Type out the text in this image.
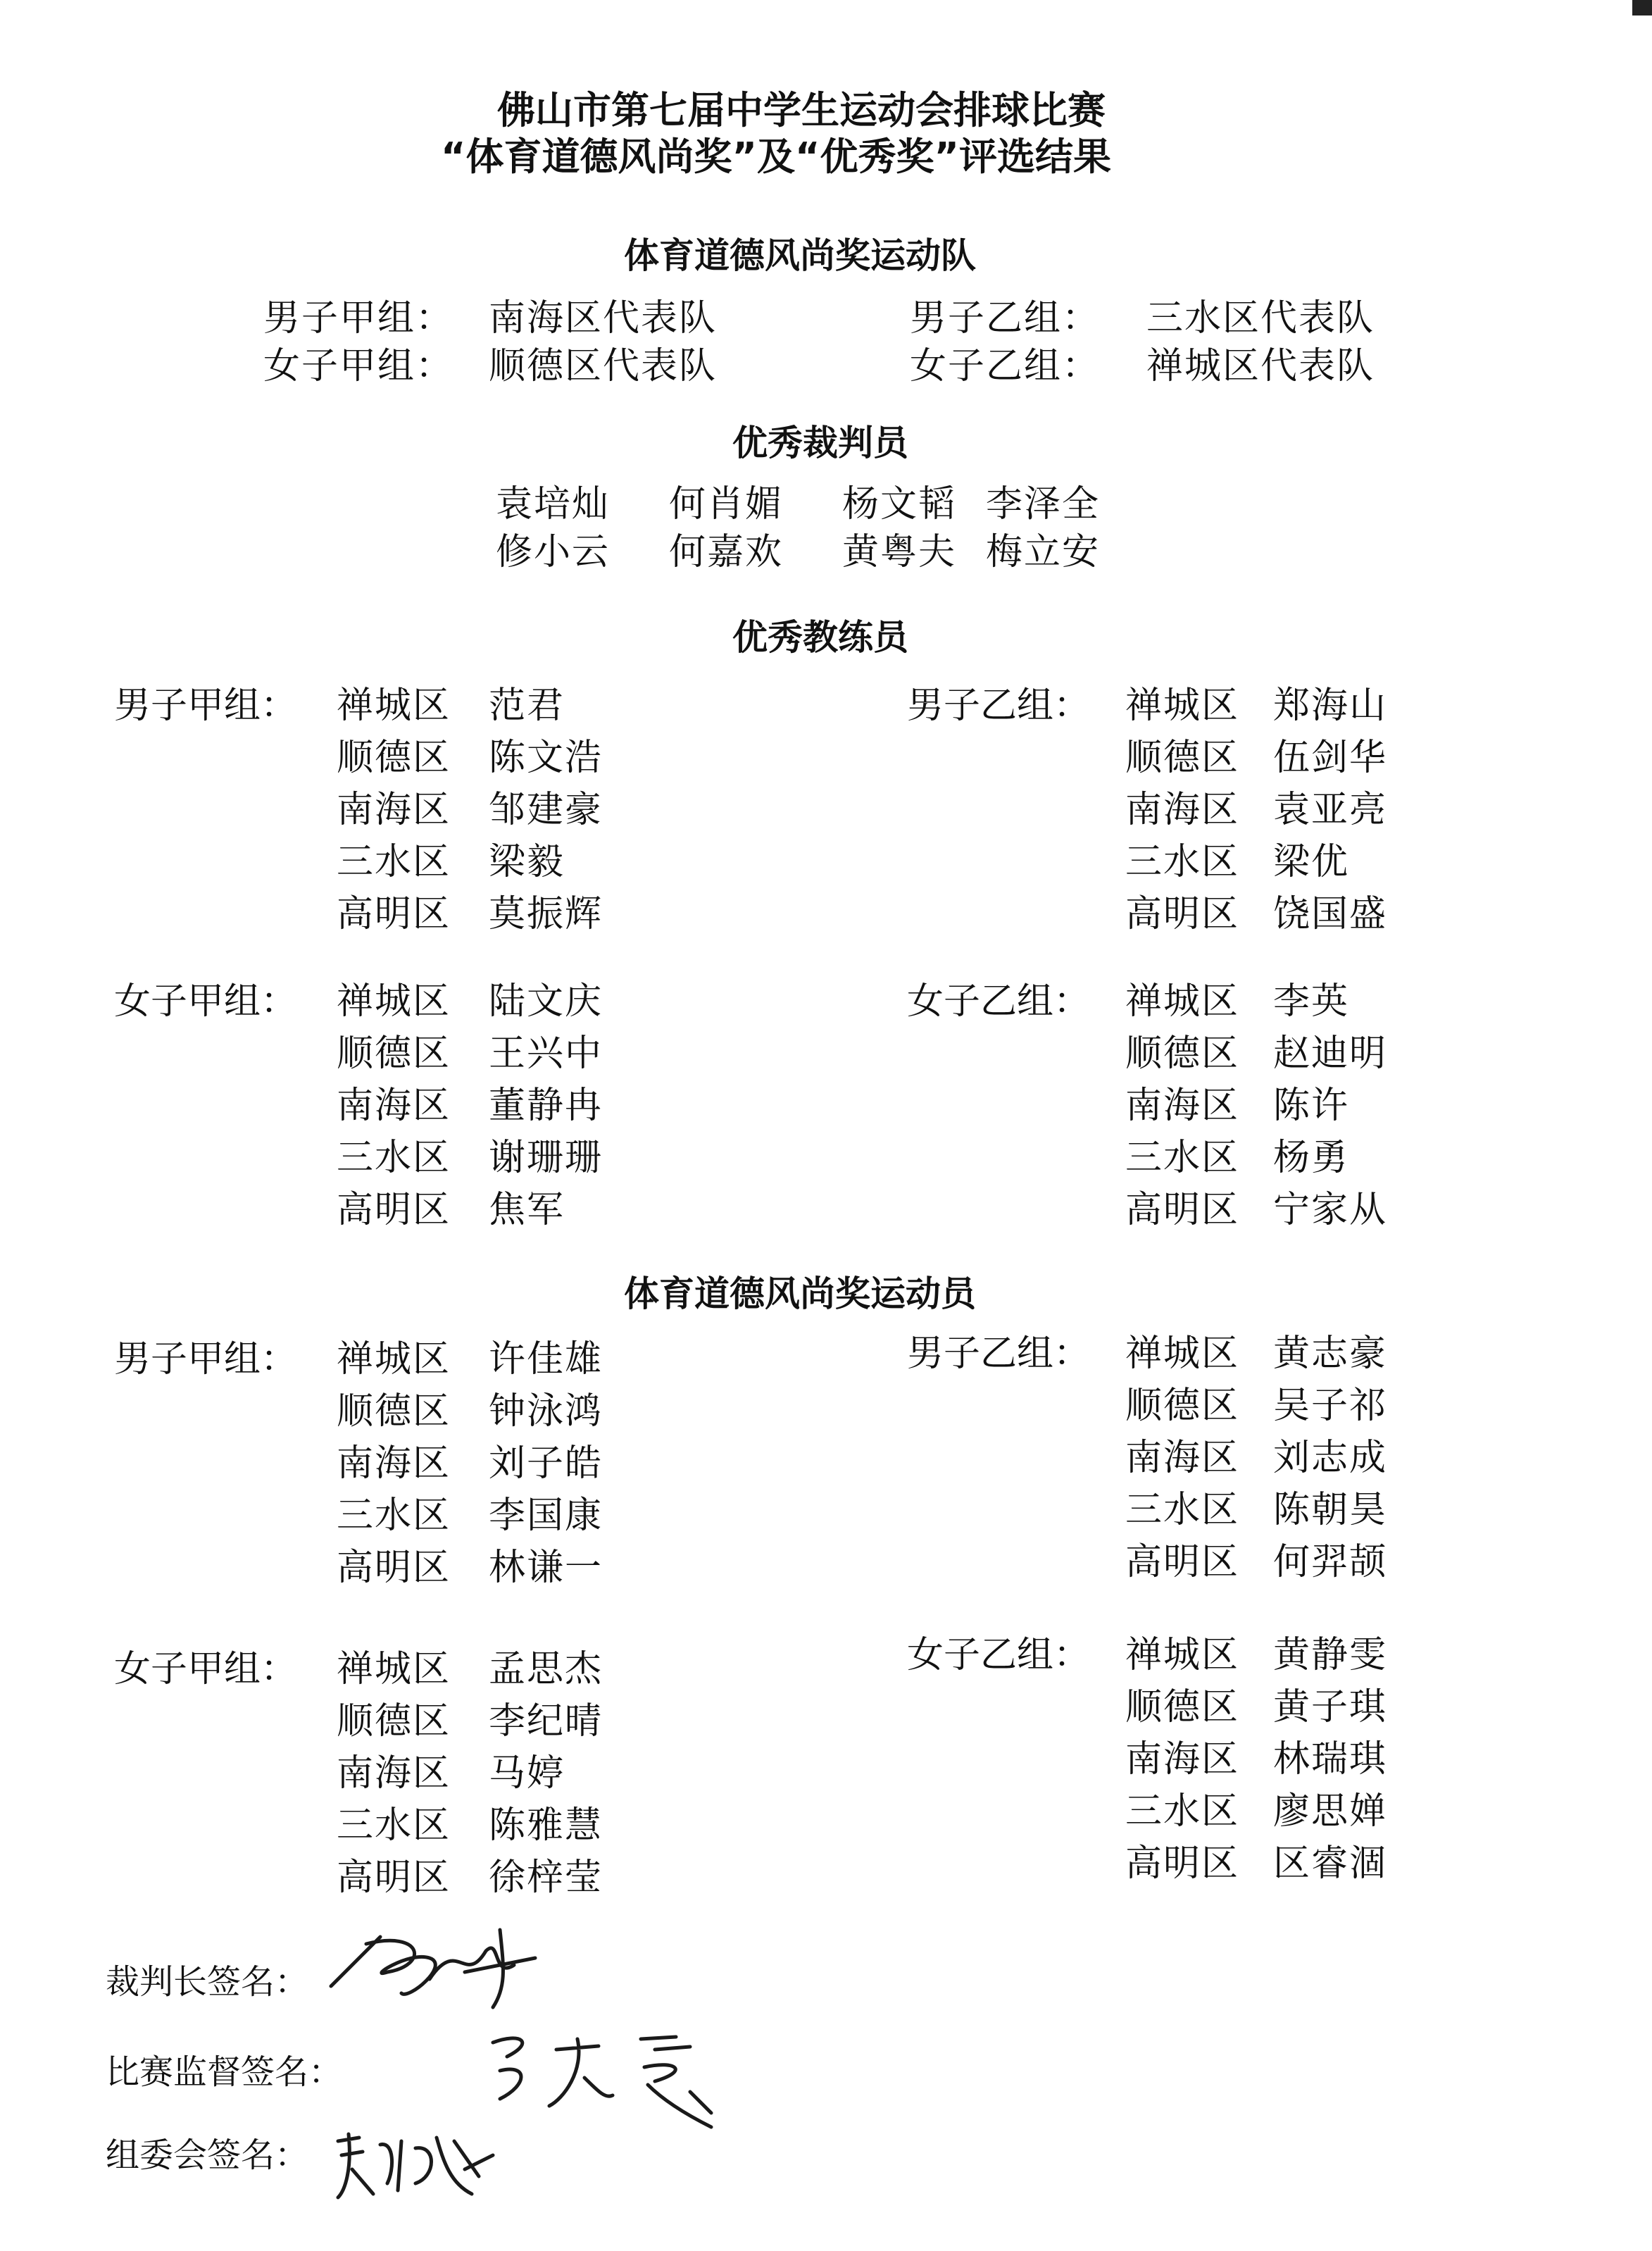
佛山市第七届中学生运动会排球比赛
“体育道德风尚奖”及“优秀奖”评选结果
体育道德风尚奖运动队
男子甲组： 南海区代表队	男子乙组： 三水区代表队
女子甲组： 顺德区代表队	女子乙组： 禅城区代表队
优秀裁判员
袁培灿 何肖媚 杨文韬 李泽全
修小云 何嘉欢 黄粤夫 梅立安
优秀教练员
男子甲组： 禅城区 范君
顺德区 陈文浩
南海区 邹建豪
三水区 梁毅
高明区 莫振辉
男子乙组： 禅城区 郑海山
顺德区 伍剑华
南海区 袁亚亮
三水区 梁优
高明区 饶国盛
女子甲组： 禅城区 陆文庆
顺德区 王兴中
南海区 董静冉
三水区 谢珊珊
高明区 焦军
女子乙组： 禅城区 李英
顺德区 赵迪明
南海区 陈许
三水区 杨勇
高明区 宁家从
体育道德风尚奖运动员
男子甲组： 禅城区 许佳雄
顺德区 钟泳鸿
南海区 刘子皓
三水区 李国康
高明区 林谦一
男子乙组： 禅城区 黄志豪
顺德区 吴子祁
南海区 刘志成
三水区 陈朝昊
高明区 何羿颉
女子甲组： 禅城区 孟思杰
顺德区 李纪晴
南海区 马婷
三水区 陈雅慧
高明区 徐梓莹
女子乙组： 禅城区 黄静雯
顺德区 黄子琪
南海区 林瑞琪
三水区 廖思婵
高明区 区睿涸
裁判长签名：
比赛监督签名：
组委会签名：
